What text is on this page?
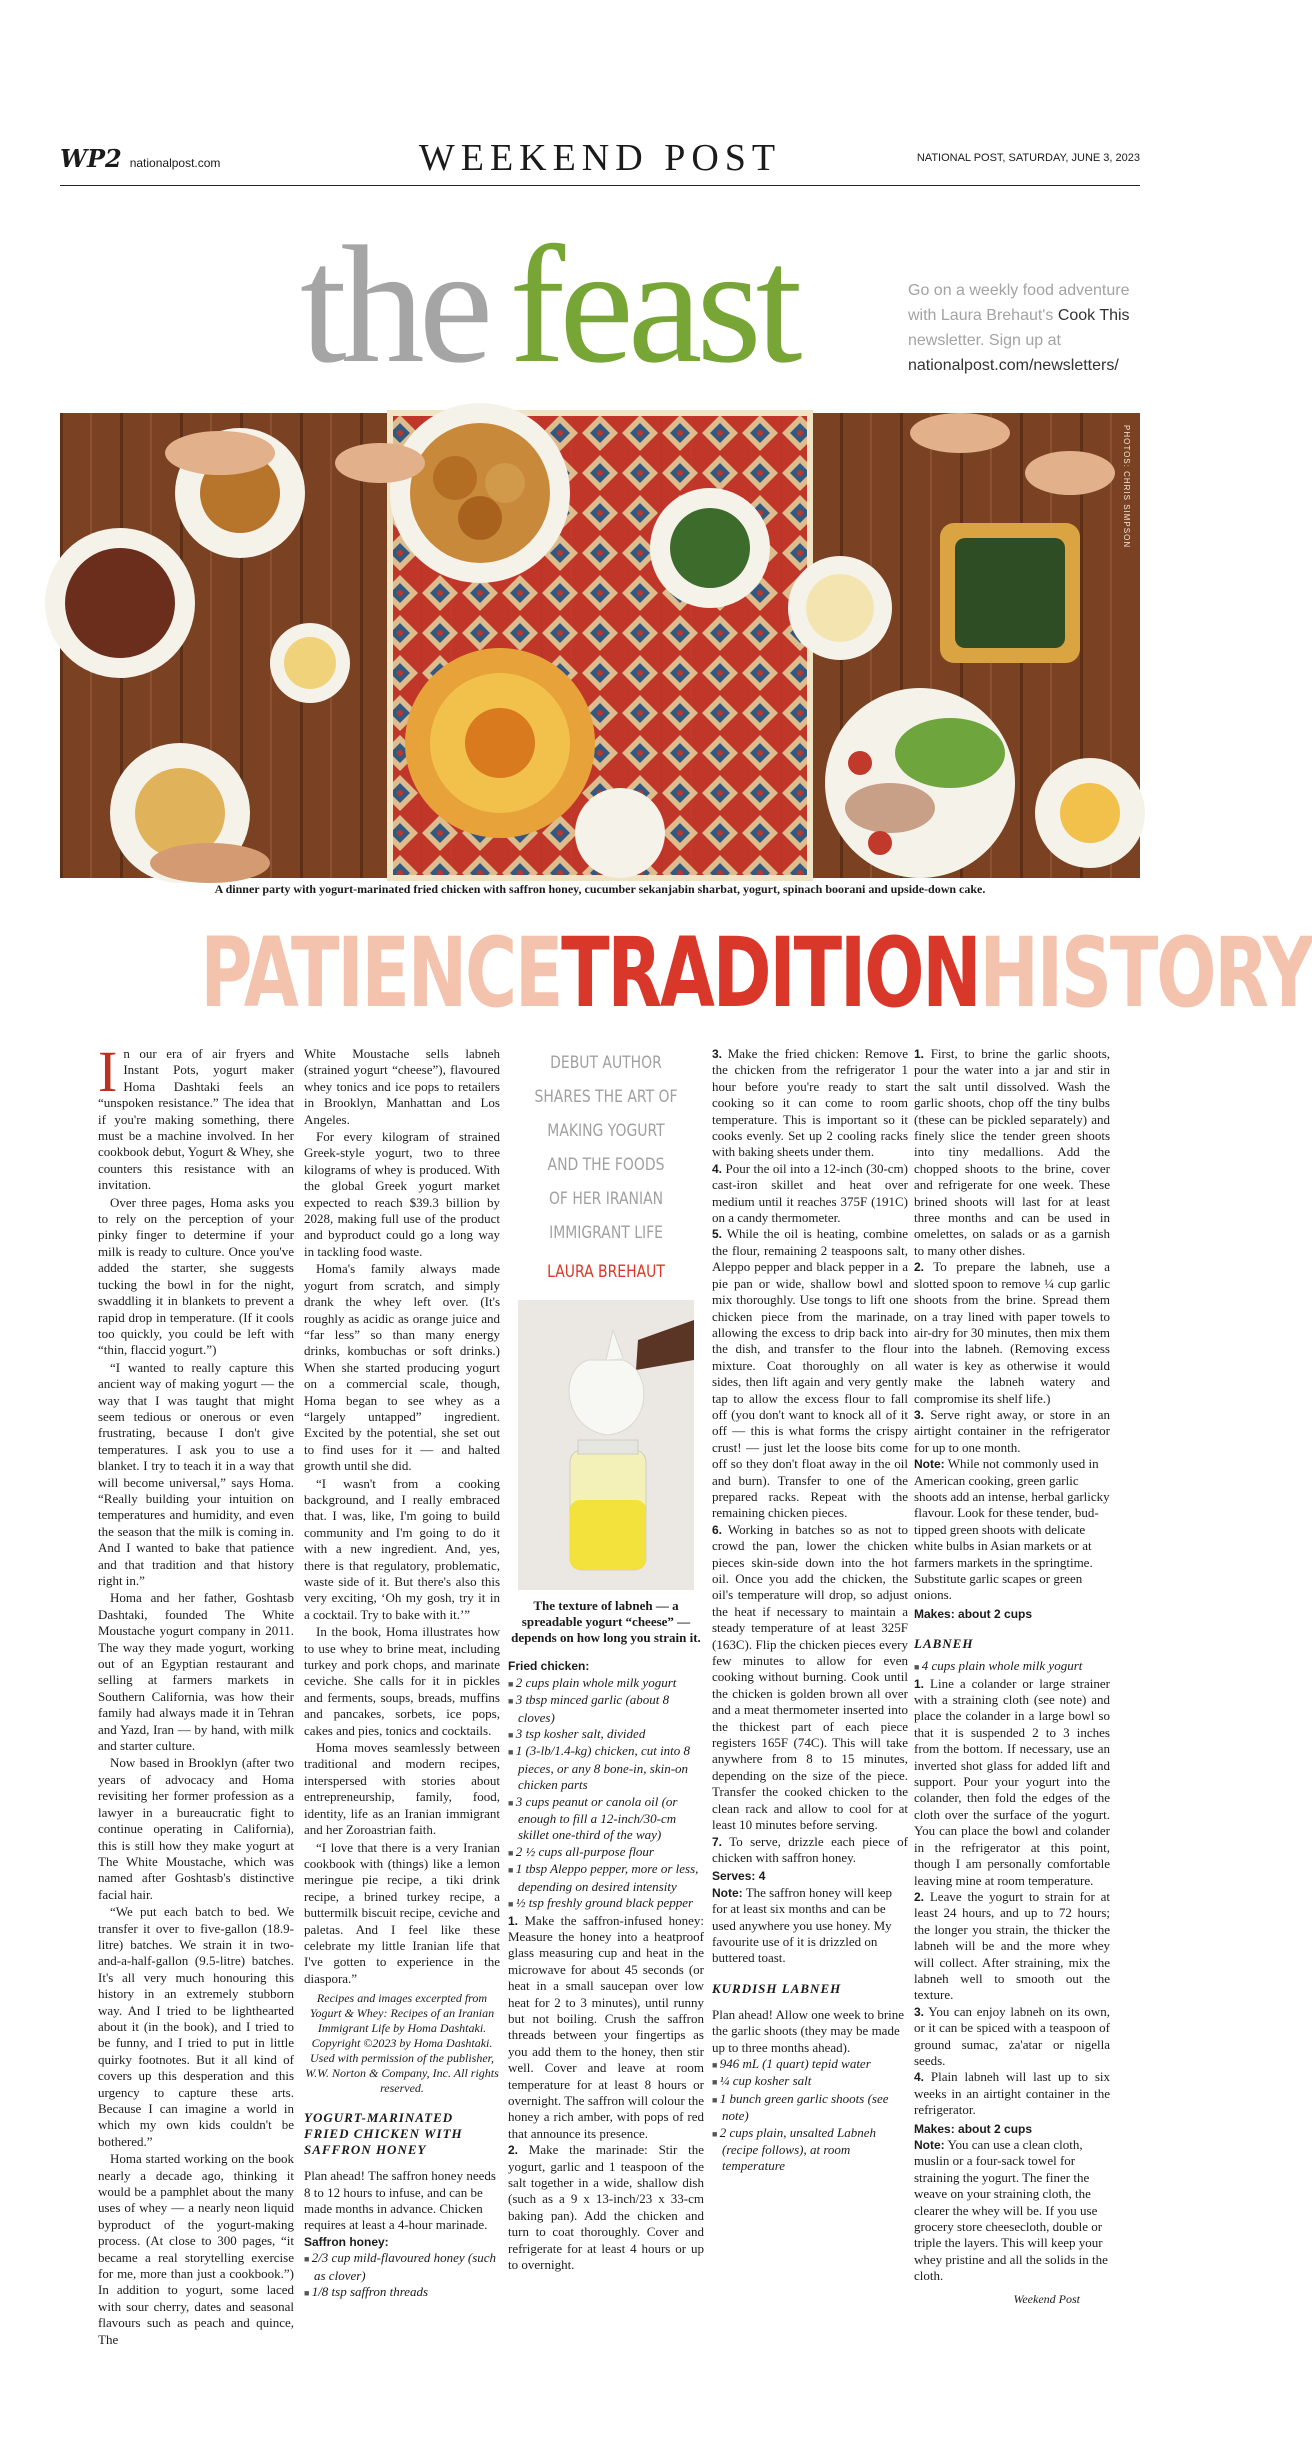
WP2 nationalpost.com	WEEKEND POST	NATIONAL POST, SATURDAY, JUNE 3, 2023
the feast	Go on a weekly food adventure with Laura Brehaut's Cook This newsletter. Sign up at nationalpost.com/newsletters/
PHOTOS: CHRIS SIMPSON
A dinner party with yogurt-marinated fried chicken with saffron honey, cucumber sekanjabin sharbat, yogurt, spinach boorani and upside-down cake.
PATIENCETRADITIONHISTORY

In our era of air fryers and Instant Pots, yogurt maker Homa Dashtaki feels an “unspoken resistance.” The idea that if you're making something, there must be a machine involved. In her cookbook debut, Yogurt & Whey, she counters this resistance with an invitation.

Over three pages, Homa asks you to rely on the perception of your pinky finger to determine if your milk is ready to culture. Once you've added the starter, she suggests tucking the bowl in for the night, swaddling it in blankets to prevent a rapid drop in temperature. (If it cools too quickly, you could be left with “thin, flaccid yogurt.”)

“I wanted to really capture this ancient way of making yogurt — the way that I was taught that might seem tedious or onerous or even frustrating, because I don't give temperatures. I ask you to use a blanket. I try to teach it in a way that will become universal,” says Homa. “Really building your intuition on temperatures and humidity, and even the season that the milk is coming in. And I wanted to bake that patience and that tradition and that history right in.”

Homa and her father, Goshtasb Dashtaki, founded The White Moustache yogurt company in 2011. The way they made yogurt, working out of an Egyptian restaurant and selling at farmers markets in Southern California, was how their family had always made it in Tehran and Yazd, Iran — by hand, with milk and starter culture.

Now based in Brooklyn (after two years of advocacy and Homa revisiting her former profession as a lawyer in a bureaucratic fight to continue operating in California), this is still how they make yogurt at The White Moustache, which was named after Goshtasb's distinctive facial hair.

“We put each batch to bed. We transfer it over to five-gallon (18.9-litre) batches. We strain it in two-and-a-half-gallon (9.5-litre) batches. It's all very much honouring this history in an extremely stubborn way. And I tried to be lighthearted about it (in the book), and I tried to be funny, and I tried to put in little quirky footnotes. But it all kind of covers up this desperation and this urgency to capture these arts. Because I can imagine a world in which my own kids couldn't be bothered.”

Homa started working on the book nearly a decade ago, thinking it would be a pamphlet about the many uses of whey — a nearly neon liquid byproduct of the yogurt-making process. (At close to 300 pages, “it became a real storytelling exercise for me, more than just a cookbook.”) In addition to yogurt, some laced with sour cherry, dates and seasonal flavours such as peach and quince, The

White Moustache sells labneh (strained yogurt “cheese”), flavoured whey tonics and ice pops to retailers in Brooklyn, Manhattan and Los Angeles.

For every kilogram of strained Greek-style yogurt, two to three kilograms of whey is produced. With the global Greek yogurt market expected to reach $39.3 billion by 2028, making full use of the product and byproduct could go a long way in tackling food waste.

Homa's family always made yogurt from scratch, and simply drank the whey left over. (It's roughly as acidic as orange juice and “far less” so than many energy drinks, kombuchas or soft drinks.) When she started producing yogurt on a commercial scale, though, Homa began to see whey as a “largely untapped” ingredient. Excited by the potential, she set out to find uses for it — and halted growth until she did.

“I wasn't from a cooking background, and I really embraced that. I was, like, I'm going to build community and I'm going to do it with a new ingredient. And, yes, there is that regulatory, problematic, waste side of it. But there's also this very exciting, ‘Oh my gosh, try it in a cocktail. Try to bake with it.’”

In the book, Homa illustrates how to use whey to brine meat, including turkey and pork chops, and marinate ceviche. She calls for it in pickles and ferments, soups, breads, muffins and pancakes, sorbets, ice pops, cakes and pies, tonics and cocktails.

Homa moves seamlessly between traditional and modern recipes, interspersed with stories about entrepreneurship, family, food, identity, life as an Iranian immigrant and her Zoroastrian faith.

“I love that there is a very Iranian cookbook with (things) like a lemon meringue pie recipe, a tiki drink recipe, a brined turkey recipe, a buttermilk biscuit recipe, ceviche and paletas. And I feel like these celebrate my little Iranian life that I've gotten to experience in the diaspora.”

Recipes and images excerpted from Yogurt & Whey: Recipes of an Iranian Immigrant Life by Homa Dashtaki. Copyright ©2023 by Homa Dashtaki. Used with permission of the publisher, W.W. Norton & Company, Inc. All rights reserved.
YOGURT-MARINATED FRIED CHICKEN WITH SAFFRON HONEY
Plan ahead! The saffron honey needs 8 to 12 hours to infuse, and can be made months in advance. Chicken requires at least a 4-hour marinade.
Saffron honey:
■ 2/3 cup mild-flavoured honey (such as clover)
■ 1/8 tsp saffron threads
DEBUT AUTHOR
SHARES THE ART OF
MAKING YOGURT
AND THE FOODS
OF HER IRANIAN
IMMIGRANT LIFE
LAURA BREHAUT
The texture of labneh — a spreadable yogurt “cheese” — depends on how long you strain it.
Fried chicken:
■ 2 cups plain whole milk yogurt
■ 3 tbsp minced garlic (about 8 cloves)
■ 3 tsp kosher salt, divided
■ 1 (3-lb/1.4-kg) chicken, cut into 8 pieces, or any 8 bone-in, skin-on chicken parts
■ 3 cups peanut or canola oil (or enough to fill a 12-inch/30-cm skillet one-third of the way)
■ 2 ½ cups all-purpose flour
■ 1 tbsp Aleppo pepper, more or less, depending on desired intensity
■ ½ tsp freshly ground black pepper
1. Make the saffron-infused honey: Measure the honey into a heatproof glass measuring cup and heat in the microwave for about 45 seconds (or heat in a small saucepan over low heat for 2 to 3 minutes), until runny but not boiling. Crush the saffron threads between your fingertips as you add them to the honey, then stir well. Cover and leave at room temperature for at least 8 hours or overnight. The saffron will colour the honey a rich amber, with pops of red that announce its presence.
2. Make the marinade: Stir the yogurt, garlic and 1 teaspoon of the salt together in a wide, shallow dish (such as a 9 x 13-inch/23 x 33-cm baking pan). Add the chicken and turn to coat thoroughly. Cover and refrigerate for at least 4 hours or up to overnight.
3. Make the fried chicken: Remove the chicken from the refrigerator 1 hour before you're ready to start cooking so it can come to room temperature. This is important so it cooks evenly. Set up 2 cooling racks with baking sheets under them.
4. Pour the oil into a 12-inch (30-cm) cast-iron skillet and heat over medium until it reaches 375F (191C) on a candy thermometer.
5. While the oil is heating, combine the flour, remaining 2 teaspoons salt, Aleppo pepper and black pepper in a pie pan or wide, shallow bowl and mix thoroughly. Use tongs to lift one chicken piece from the marinade, allowing the excess to drip back into the dish, and transfer to the flour mixture. Coat thoroughly on all sides, then lift again and very gently tap to allow the excess flour to fall off (you don't want to knock all of it off — this is what forms the crispy crust! — just let the loose bits come off so they don't float away in the oil and burn). Transfer to one of the prepared racks. Repeat with the remaining chicken pieces.
6. Working in batches so as not to crowd the pan, lower the chicken pieces skin-side down into the hot oil. Once you add the chicken, the oil's temperature will drop, so adjust the heat if necessary to maintain a steady temperature of at least 325F (163C). Flip the chicken pieces every few minutes to allow for even cooking without burning. Cook until the chicken is golden brown all over and a meat thermometer inserted into the thickest part of each piece registers 165F (74C). This will take anywhere from 8 to 15 minutes, depending on the size of the piece. Transfer the cooked chicken to the clean rack and allow to cool for at least 10 minutes before serving.
7. To serve, drizzle each piece of chicken with saffron honey.
Serves: 4
Note: The saffron honey will keep for at least six months and can be used anywhere you use honey. My favourite use of it is drizzled on buttered toast.
KURDISH LABNEH
Plan ahead! Allow one week to brine the garlic shoots (they may be made up to three months ahead).
■ 946 mL (1 quart) tepid water
■ ¼ cup kosher salt
■ 1 bunch green garlic shoots (see note)
■ 2 cups plain, unsalted Labneh (recipe follows), at room temperature
1. First, to brine the garlic shoots, pour the water into a jar and stir in the salt until dissolved. Wash the garlic shoots, chop off the tiny bulbs (these can be pickled separately) and finely slice the tender green shoots into tiny medallions. Add the chopped shoots to the brine, cover and refrigerate for one week. These brined shoots will last for at least three months and can be used in omelettes, on salads or as a garnish to many other dishes.
2. To prepare the labneh, use a slotted spoon to remove ¼ cup garlic shoots from the brine. Spread them on a tray lined with paper towels to air-dry for 30 minutes, then mix them into the labneh. (Removing excess water is key as otherwise it would make the labneh watery and compromise its shelf life.)
3. Serve right away, or store in an airtight container in the refrigerator for up to one month.
Note: While not commonly used in American cooking, green garlic shoots add an intense, herbal garlicky flavour. Look for these tender, bud-tipped green shoots with delicate white bulbs in Asian markets or at farmers markets in the springtime. Substitute garlic scapes or green onions.
Makes: about 2 cups
LABNEH
■ 4 cups plain whole milk yogurt
1. Line a colander or large strainer with a straining cloth (see note) and place the colander in a large bowl so that it is suspended 2 to 3 inches from the bottom. If necessary, use an inverted shot glass for added lift and support. Pour your yogurt into the colander, then fold the edges of the cloth over the surface of the yogurt. You can place the bowl and colander in the refrigerator at this point, though I am personally comfortable leaving mine at room temperature.
2. Leave the yogurt to strain for at least 24 hours, and up to 72 hours; the longer you strain, the thicker the labneh will be and the more whey will collect. After straining, mix the labneh well to smooth out the texture.
3. You can enjoy labneh on its own, or it can be spiced with a teaspoon of ground sumac, za'atar or nigella seeds.
4. Plain labneh will last up to six weeks in an airtight container in the refrigerator.
Makes: about 2 cups
Note: You can use a clean cloth, muslin or a four-sack towel for straining the yogurt. The finer the weave on your straining cloth, the clearer the whey will be. If you use grocery store cheesecloth, double or triple the layers. This will keep your whey pristine and all the solids in the cloth.
Weekend Post
